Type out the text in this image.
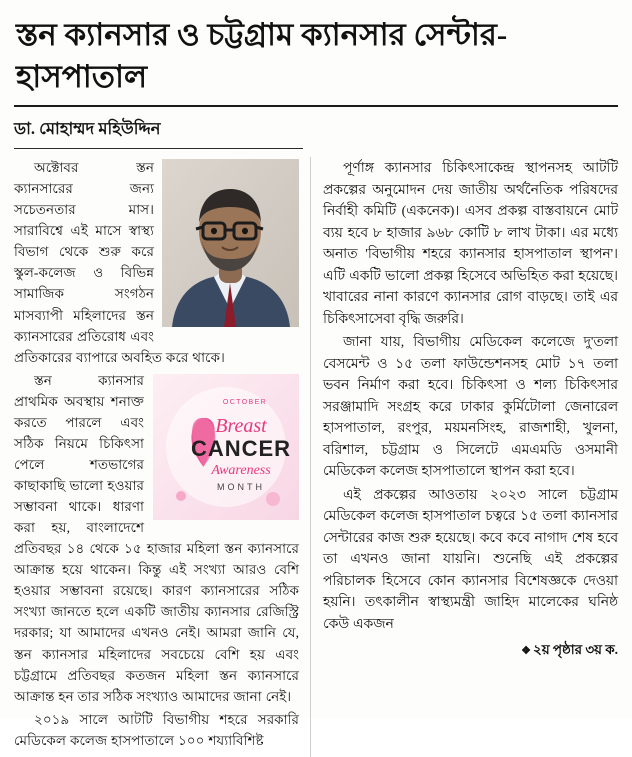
স্তন ক্যানসার ও চট্টগ্রাম ক্যানসার সেন্টার-হাসপাতাল
ডা. মোহাম্মদ মহিউদ্দিন

অক্টোবর স্তন ক্যানসারের জন্য সচেতনতার মাস। সারাবিশ্বে এই মাসে স্বাস্থ্য বিভাগ থেকে শুরু করে স্কুল-কলেজ ও বিভিন্ন সামাজিক সংগঠন মাসব্যাপী মহিলাদের স্তন ক্যানসারের প্রতিরোধ এবং প্রতিকারের ব্যাপারে অবহিত করে থাকে।

OCTOBER
Breast
CANCER
Awareness
MONTH

স্তন ক্যানসার প্রাথমিক অবস্থায় শনাক্ত করতে পারলে এবং সঠিক নিয়মে চিকিৎসা পেলে শতভাগের কাছাকাছি ভালো হওয়ার সম্ভাবনা থাকে। ধারণা করা হয়, বাংলাদেশে প্রতিবছর ১৪ থেকে ১৫ হাজার মহিলা স্তন ক্যানসারে আক্রান্ত হয়ে থাকেন। কিন্তু এই সংখ্যা আরও বেশি হওয়ার সম্ভাবনা রয়েছে। কারণ ক্যানসারের সঠিক সংখ্যা জানতে হলে একটি জাতীয় ক্যানসার রেজিস্ট্রি দরকার; যা আমাদের এখনও নেই। আমরা জানি যে, স্তন ক্যানসার মহিলাদের সবচেয়ে বেশি হয় এবং চট্টগ্রামে প্রতিবছর কতজন মহিলা স্তন ক্যানসারে আক্রান্ত হন তার সঠিক সংখ্যাও আমাদের জানা নেই।

২০১৯ সালে আটটি বিভাগীয় শহরে সরকারি মেডিকেল কলেজ হাসপাতালে ১০০ শয্যাবিশিষ্ট

পূর্ণাঙ্গ ক্যানসার চিকিৎসাকেন্দ্র স্থাপনসহ আটটি প্রকল্পের অনুমোদন দেয় জাতীয় অর্থনৈতিক পরিষদের নির্বাহী কমিটি (একনেক)। এসব প্রকল্প বাস্তবায়নে মোট ব্যয় হবে ৮ হাজার ৯৬৮ কোটি ৮ লাখ টাকা। এর মধ্যে অনাত 'বিভাগীয় শহরে ক্যানসার হাসপাতাল স্থাপন'। এটি একটি ভালো প্রকল্প হিসেবে অভিহিত করা হয়েছে। খাবারের নানা কারণে ক্যানসার রোগ বাড়ছে। তাই এর চিকিৎসাসেবা বৃদ্ধি জরুরি।

জানা যায়, বিভাগীয় মেডিকেল কলেজে দু'তলা বেসমেন্ট ও ১৫ তলা ফাউন্ডেশনসহ মোট ১৭ তলা ভবন নির্মাণ করা হবে। চিকিৎসা ও শল্য চিকিৎসার সরঞ্জামাদি সংগ্রহ করে ঢাকার কুর্মিটোলা জেনারেল হাসপাতাল, রংপুর, ময়মনসিংহ, রাজশাহী, খুলনা, বরিশাল, চট্টগ্রাম ও সিলেটে এমএমডি ওসমানী মেডিকেল কলেজ হাসপাতালে স্থাপন করা হবে।

এই প্রকল্পের আওতায় ২০২৩ সালে চট্টগ্রাম মেডিকেল কলেজ হাসপাতাল চত্বরে ১৫ তলা ক্যানসার সেন্টারের কাজ শুরু হয়েছে। কবে কবে নাগাদ শেষ হবে তা এখনও জানা যায়নি। শুনেছি এই প্রকল্পের পরিচালক হিসেবে কোন ক্যানসার বিশেষজ্ঞকে দেওয়া হয়নি। তৎকালীন স্বাস্থ্যমন্ত্রী জাহিদ মালেকের ঘনিষ্ঠ কেউ একজন

❖ ২য় পৃষ্ঠার ৩য় ক.
